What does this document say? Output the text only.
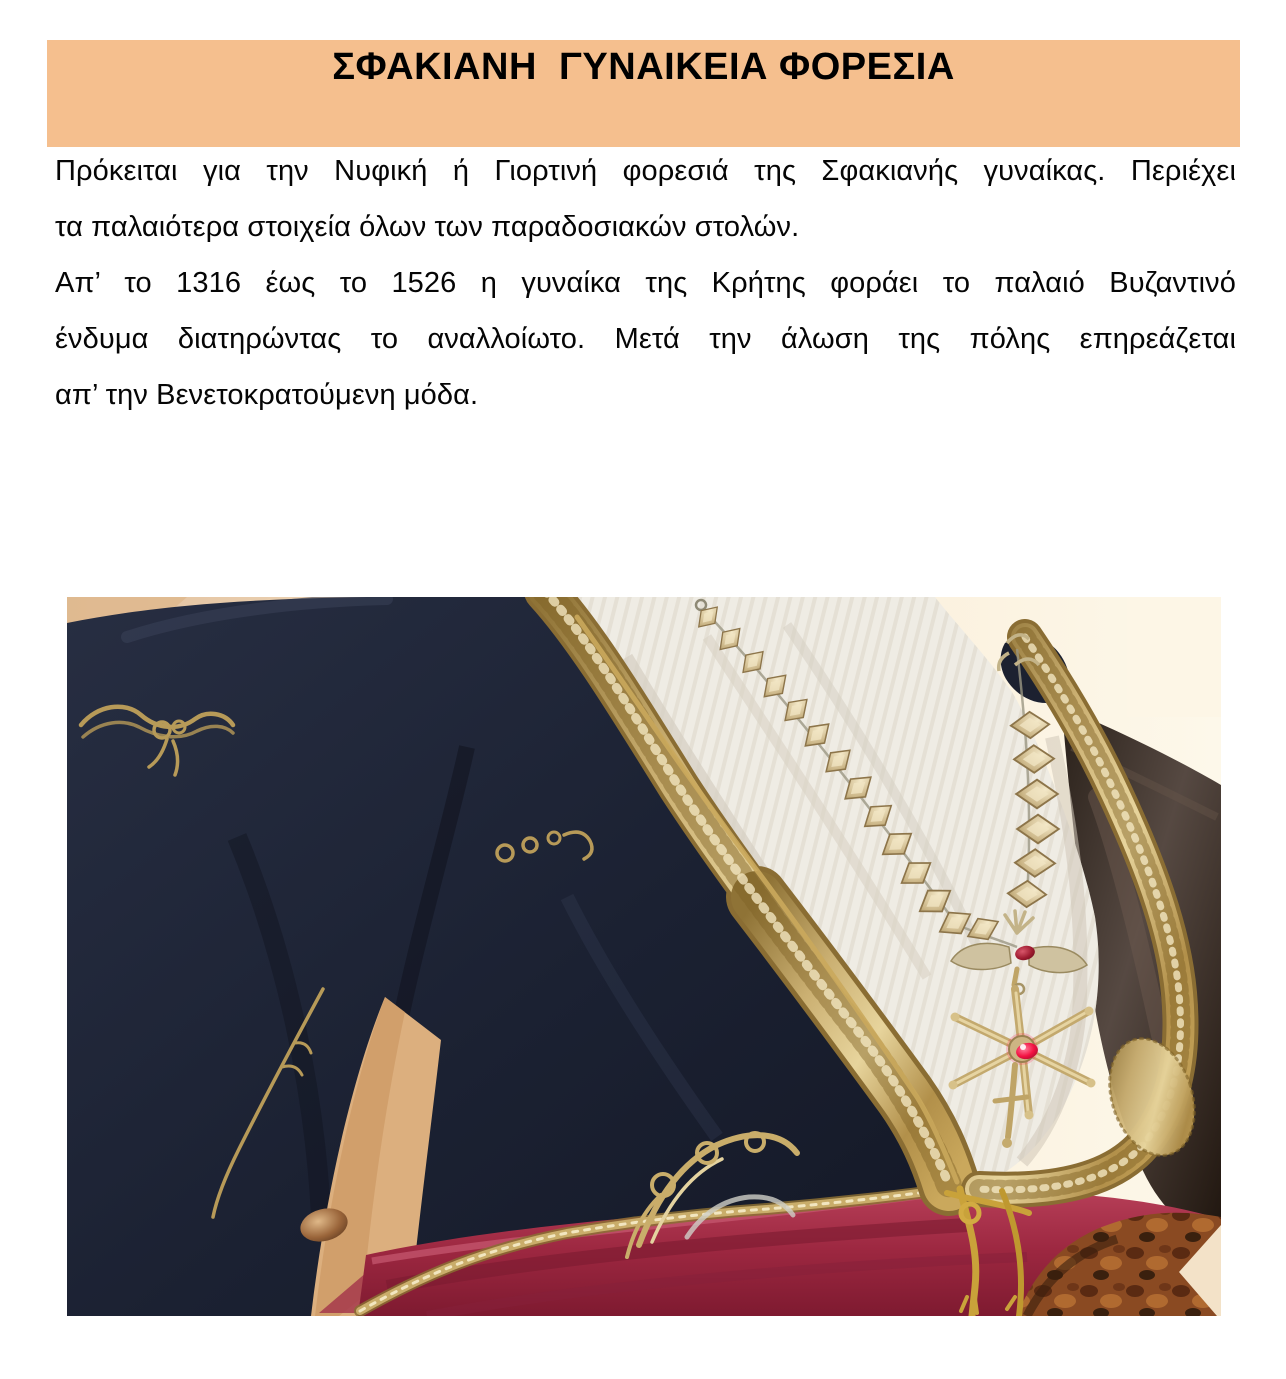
ΣΦΑΚΙΑΝΗ  ΓΥΝΑΙΚΕΙΑ ΦΟΡΕΣΙΑ
Πρόκειται για την Νυφική ή Γιορτινή φορεσιά της Σφακιανής γυναίκας. Περιέχει
τα παλαιότερα στοιχεία όλων των παραδοσιακών στολών.
Απ’ το 1316 έως το 1526 η γυναίκα της Κρήτης φοράει το παλαιό Βυζαντινό
ένδυμα διατηρώντας το αναλλοίωτο. Μετά την άλωση της πόλης επηρεάζεται
απ’ την Βενετοκρατούμενη μόδα.
